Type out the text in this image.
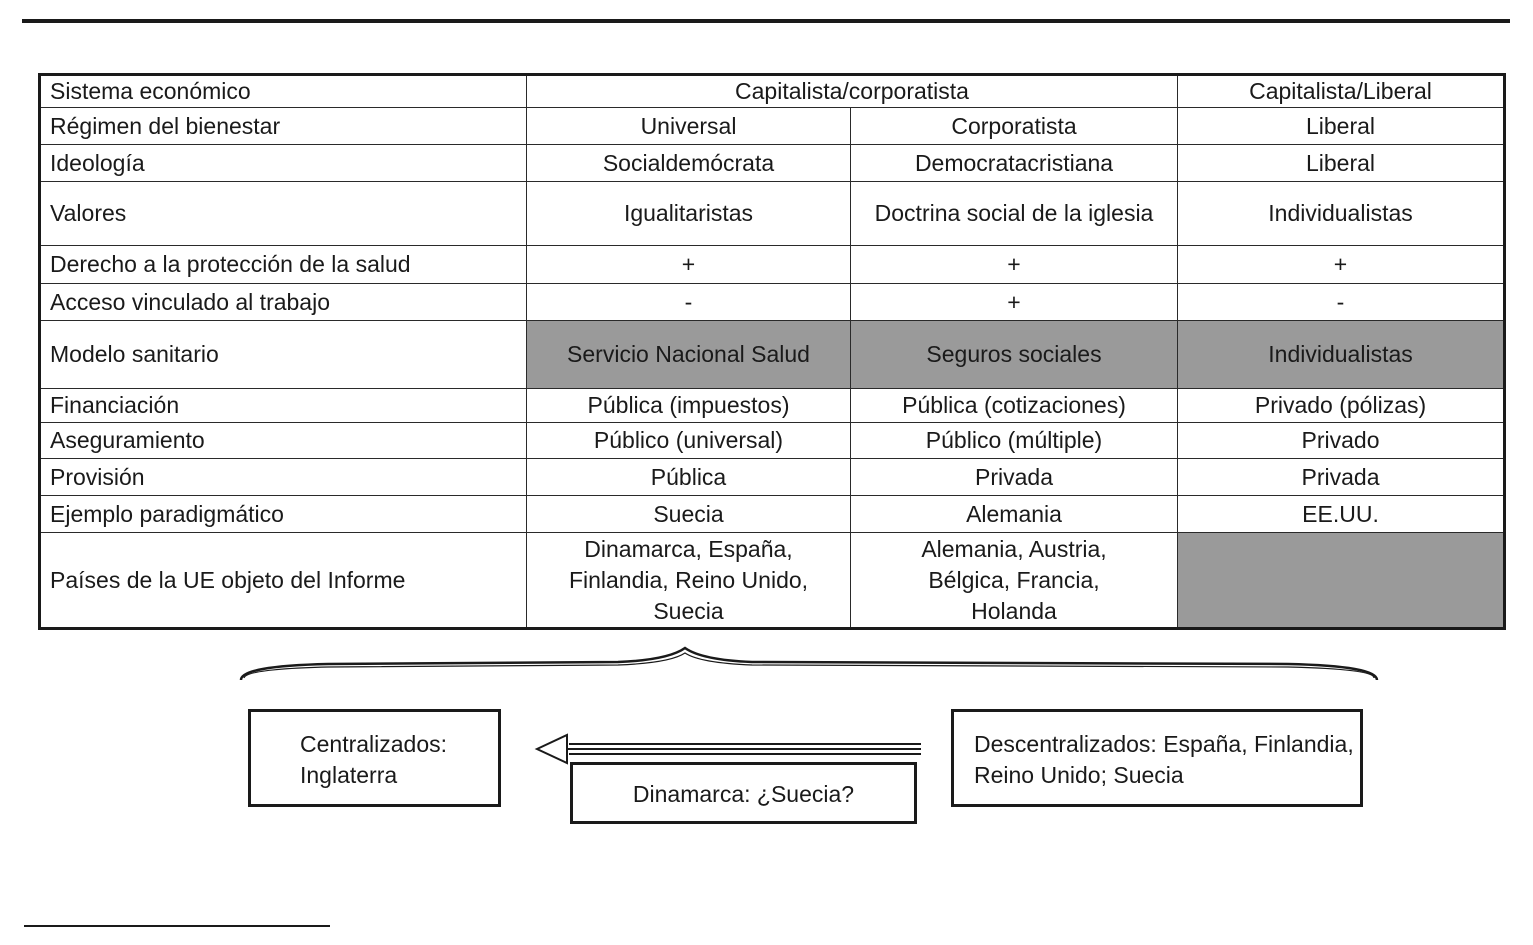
Sistema económico	Capitalista/corporatista		Capitalista/Liberal
Régimen del bienestar	Universal	Corporatista	Liberal
Ideología	Socialdemócrata	Democratacristiana	Liberal
Valores	Igualitaristas	Doctrina social de la iglesia	Individualistas
Derecho a la protección de la salud	+	+	+
Acceso vinculado al trabajo	-	+	-
Modelo sanitario	Servicio Nacional Salud	Seguros sociales	Individualistas
Financiación	Pública (impuestos)	Pública (cotizaciones)	Privado (pólizas)
Aseguramiento	Público (universal)	Público (múltiple)	Privado
Provisión	Pública	Privada	Privada
Ejemplo paradigmático	Suecia	Alemania	EE.UU.
Países de la UE objeto del Informe	Dinamarca, España, Finlandia, Reino Unido, Suecia	Alemania, Austria, Bélgica, Francia, Holanda	
Centralizados:
Inglaterra
Dinamarca: ¿Suecia?
Descentralizados: España, Finlandia,
Reino Unido; Suecia
